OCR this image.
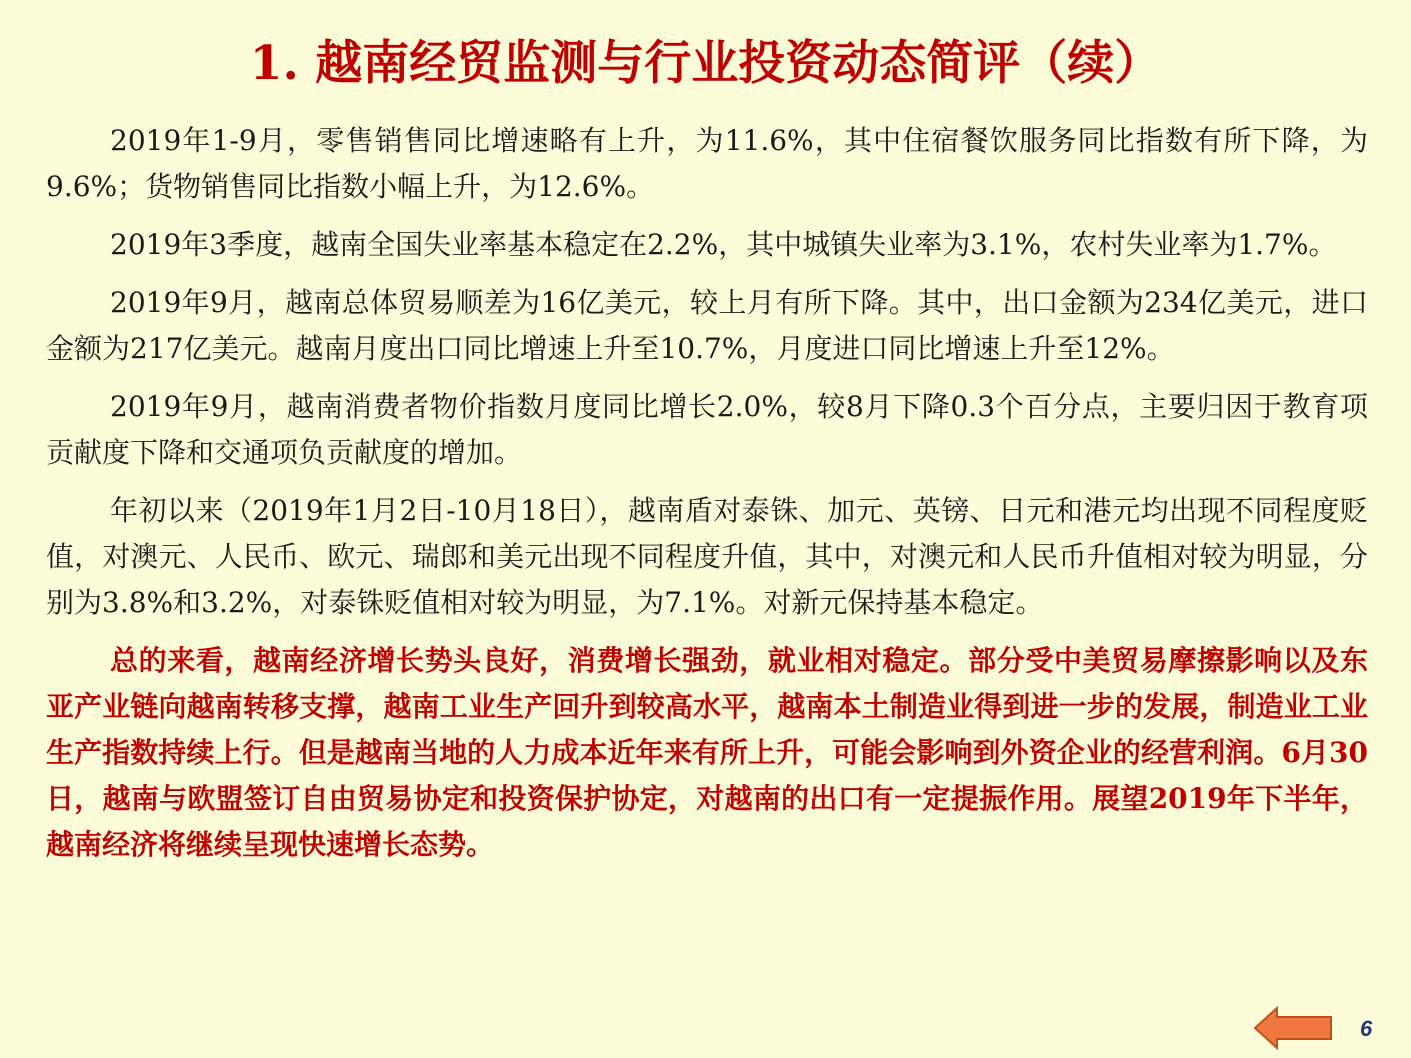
1. 越南经贸监测与行业投资动态简评（续）

2019年1-9月，零售销售同比增速略有上升，为11.6%，其中住宿餐饮服务同比指数有所下降，为9.6%；货物销售同比指数小幅上升，为12.6%。

2019年3季度，越南全国失业率基本稳定在2.2%，其中城镇失业率为3.1%，农村失业率为1.7%。

2019年9月，越南总体贸易顺差为16亿美元，较上月有所下降。其中，出口金额为234亿美元，进口金额为217亿美元。越南月度出口同比增速上升至10.7%，月度进口同比增速上升至12%。

2019年9月，越南消费者物价指数月度同比增长2.0%，较8月下降0.3个百分点，主要归因于教育项贡献度下降和交通项负贡献度的增加。

年初以来（2019年1月2日-10月18日），越南盾对泰铢、加元、英镑、日元和港元均出现不同程度贬值，对澳元、人民币、欧元、瑞郎和美元出现不同程度升值，其中，对澳元和人民币升值相对较为明显，分别为3.8%和3.2%，对泰铢贬值相对较为明显，为7.1%。对新元保持基本稳定。

总的来看，越南经济增长势头良好，消费增长强劲，就业相对稳定。部分受中美贸易摩擦影响以及东亚产业链向越南转移支撑，越南工业生产回升到较高水平，越南本土制造业得到进一步的发展，制造业工业生产指数持续上行。但是越南当地的人力成本近年来有所上升，可能会影响到外资企业的经营利润。6月30日，越南与欧盟签订自由贸易协定和投资保护协定，对越南的出口有一定提振作用。展望2019年下半年，越南经济将继续呈现快速增长态势。

6
